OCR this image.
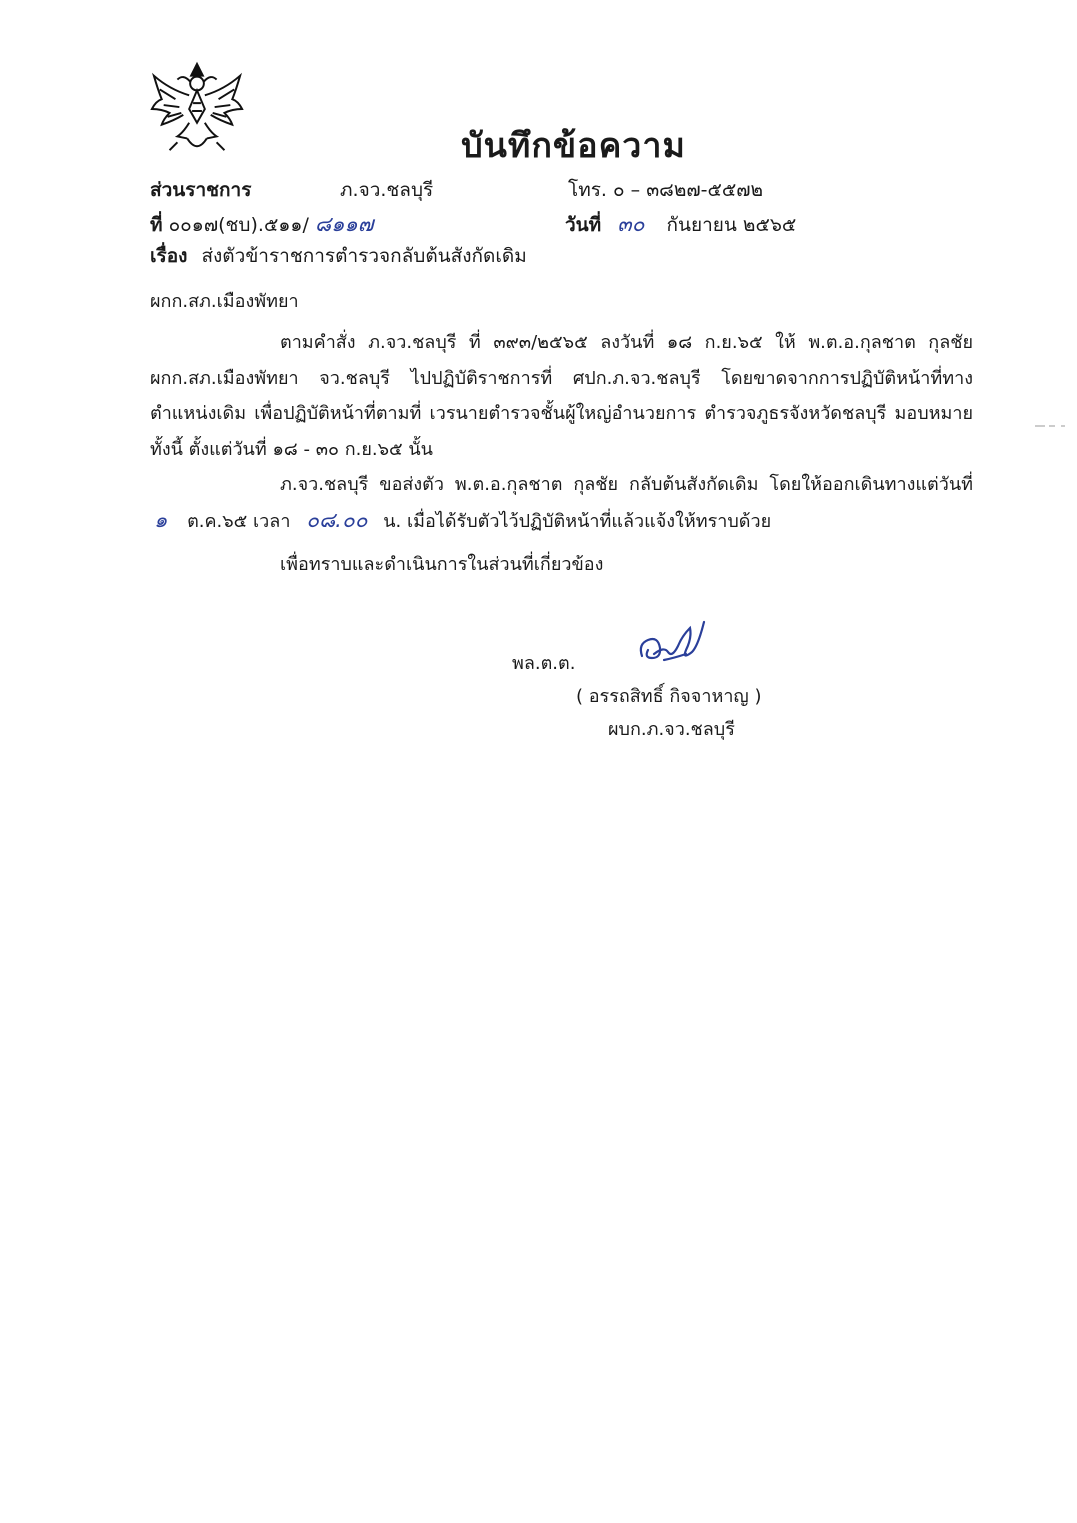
บันทึกข้อความ
ส่วนราชการ	ภ.จว.ชลบุรี	โทร. ๐ – ๓๘๒๗-๕๕๗๒
ที่ ๐๐๑๗(ชบ).๕๑๑/ ๘๑๑๗	วันที่ ๓๐ กันยายน ๒๕๖๕
เรื่อง ส่งตัวข้าราชการตำรวจกลับต้นสังกัดเดิม
ผกก.สภ.เมืองพัทยา
ตามคำสั่ง ภ.จว.ชลบุรี ที่ ๓๙๓/๒๕๖๕ ลงวันที่ ๑๘ ก.ย.๖๕ ให้ พ.ต.อ.กุลชาต กุลชัย
ผกก.สภ.เมืองพัทยา จว.ชลบุรี ไปปฏิบัติราชการที่ ศปก.ภ.จว.ชลบุรี โดยขาดจากการปฏิบัติหน้าที่ทาง
ตำแหน่งเดิม เพื่อปฏิบัติหน้าที่ตามที่ เวรนายตำรวจชั้นผู้ใหญ่อำนวยการ ตำรวจภูธรจังหวัดชลบุรี มอบหมาย
ทั้งนี้ ตั้งแต่วันที่ ๑๘ - ๓๐ ก.ย.๖๕ นั้น
ภ.จว.ชลบุรี ขอส่งตัว พ.ต.อ.กุลชาต กุลชัย กลับต้นสังกัดเดิม โดยให้ออกเดินทางแต่วันที่
๑ ต.ค.๖๕ เวลา ๐๘.๐๐ น. เมื่อได้รับตัวไว้ปฏิบัติหน้าที่แล้วแจ้งให้ทราบด้วย
เพื่อทราบและดำเนินการในส่วนที่เกี่ยวข้อง
พล.ต.ต.
( อรรถสิทธิ์ กิจจาหาญ )
ผบก.ภ.จว.ชลบุรี
